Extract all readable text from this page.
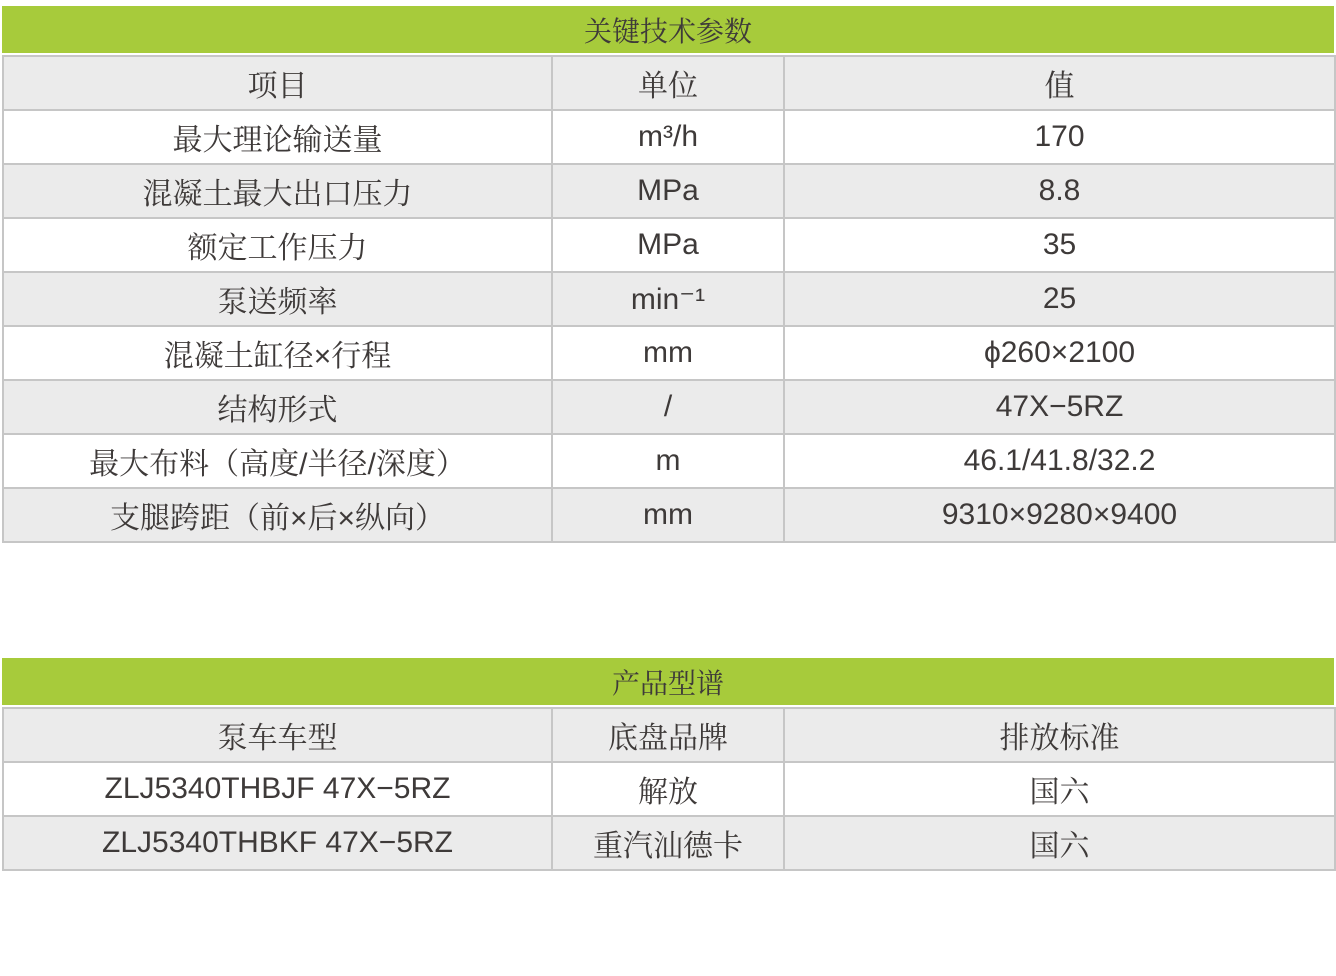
关键技术参数
项目	单位	值
最大理论输送量	m³/h	170
混凝土最大出口压力	MPa	8.8
额定工作压力	MPa	35
泵送频率	min⁻¹	25
混凝土缸径×行程	mm	ϕ260×2100
结构形式	/	47X−5RZ
最大布料（高度/半径/深度）	m	46.1/41.8/32.2
支腿跨距（前×后×纵向）	mm	9310×9280×9400
产品型谱
泵车车型	底盘品牌	排放标准
ZLJ5340THBJF 47X−5RZ	解放	国六
ZLJ5340THBKF 47X−5RZ	重汽汕德卡	国六
